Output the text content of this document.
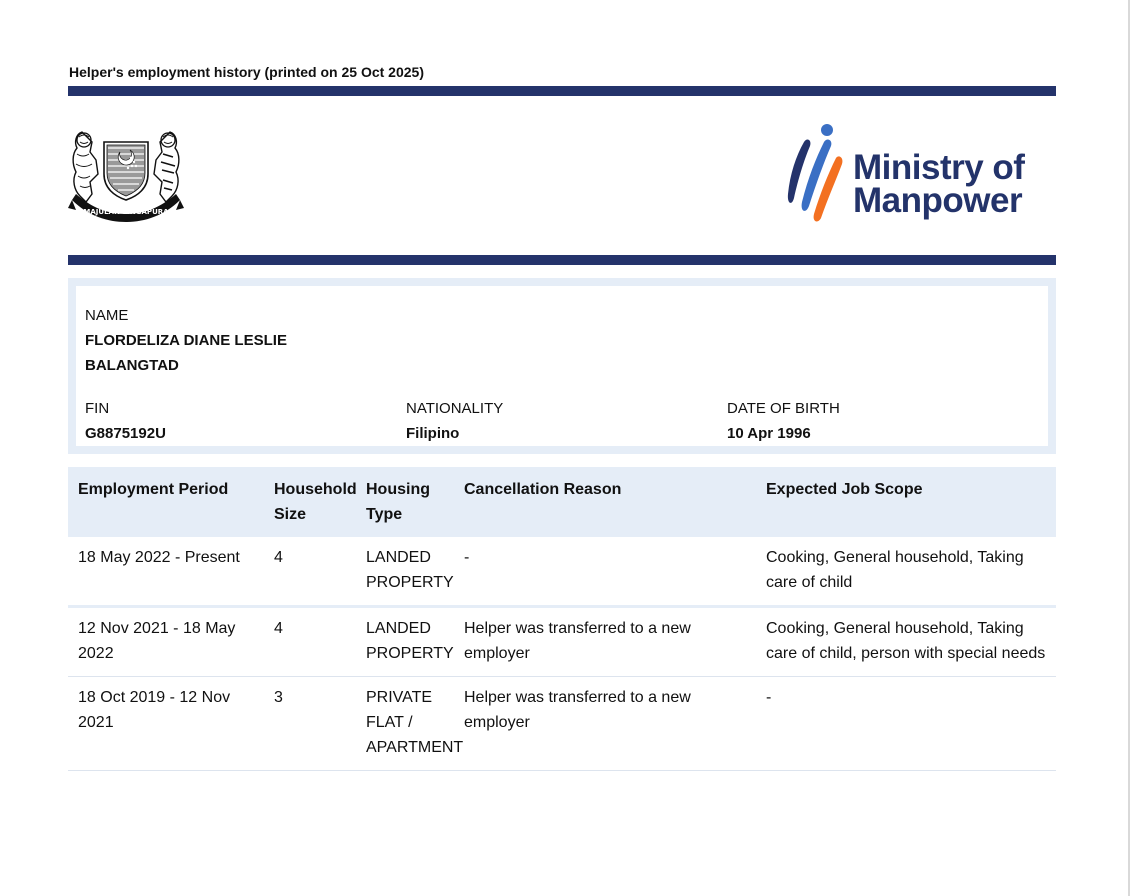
Helper's employment history (printed on 25 Oct 2025)
MAJULAH SINGAPURA
Ministry of
Manpower
NAME
FLORDELIZA DIANE LESLIE
BALANGTAD
FIN
G8875192U
NATIONALITY
Filipino
DATE OF BIRTH
10 Apr 1996
Employment Period	Household Size	Housing Type	Cancellation Reason	Expected Job Scope
18 May 2022 - Present	4	LANDED PROPERTY	-	Cooking, General household, Taking care of child
12 Nov 2021 - 18 May 2022	4	LANDED PROPERTY	Helper was transferred to a new employer	Cooking, General household, Taking care of child, person with special needs
18 Oct 2019 - 12 Nov 2021	3	PRIVATE FLAT / APARTMENT	Helper was transferred to a new employer	-
